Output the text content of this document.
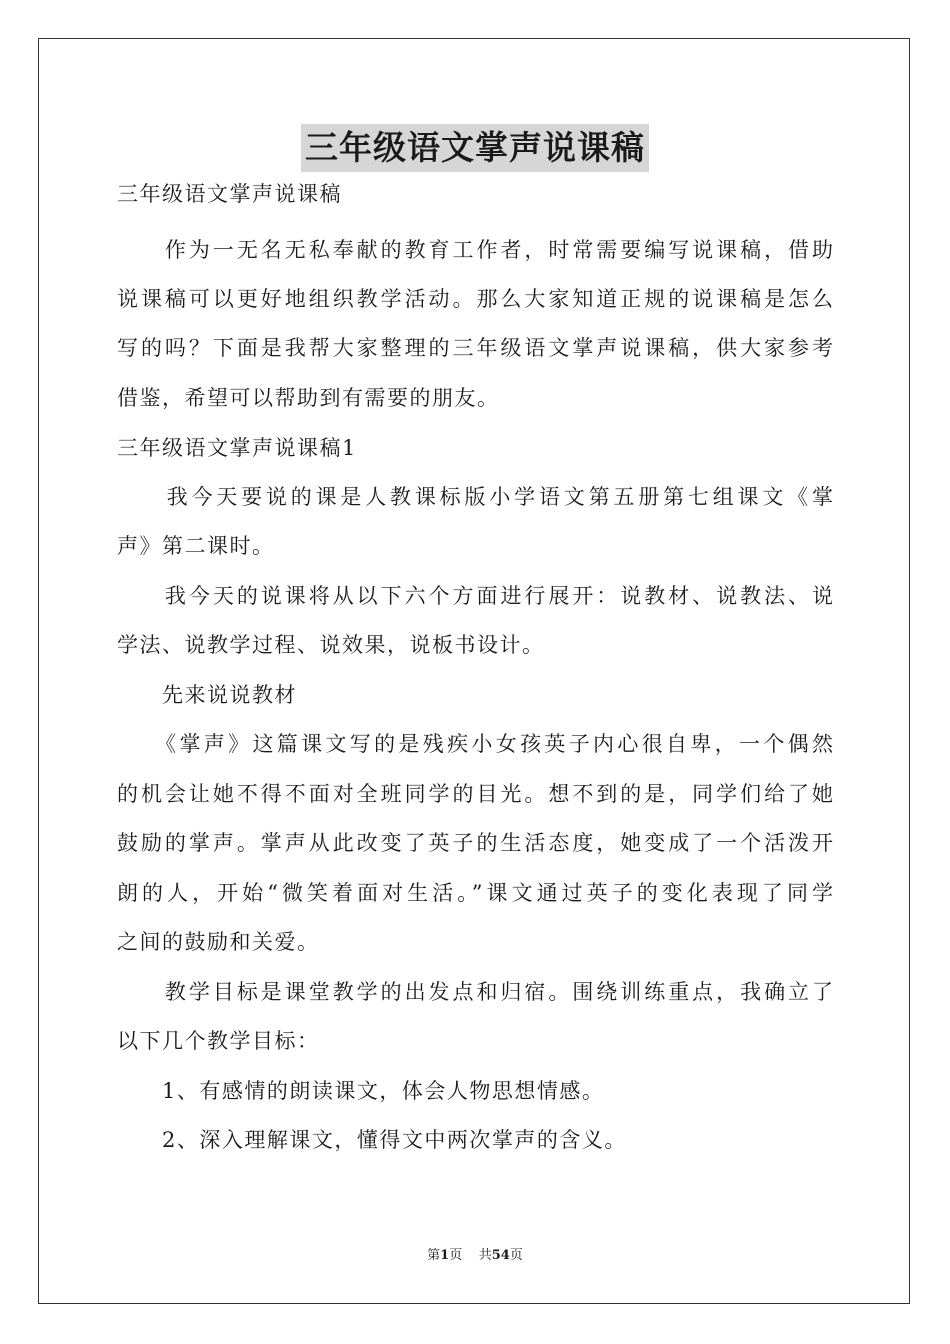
三年级语文掌声说课稿
三年级语文掌声说课稿
　　作为一无名无私奉献的教育工作者，时常需要编写说课稿，借助
说课稿可以更好地组织教学活动。那么大家知道正规的说课稿是怎么
写的吗？下面是我帮大家整理的三年级语文掌声说课稿，供大家参考
借鉴，希望可以帮助到有需要的朋友。
三年级语文掌声说课稿1
　　我今天要说的课是人教课标版小学语文第五册第七组课文《掌
声》第二课时。
　　我今天的说课将从以下六个方面进行展开：说教材、说教法、说
学法、说教学过程、说效果，说板书设计。
　　先来说说教材
　　《掌声》这篇课文写的是残疾小女孩英子内心很自卑，一个偶然
的机会让她不得不面对全班同学的目光。想不到的是，同学们给了她
鼓励的掌声。掌声从此改变了英子的生活态度，她变成了一个活泼开
朗的人，开始“微笑着面对生活。”课文通过英子的变化表现了同学
之间的鼓励和关爱。
　　教学目标是课堂教学的出发点和归宿。围绕训练重点，我确立了
以下几个教学目标：
　　1、有感情的朗读课文，体会人物思想情感。
　　2、深入理解课文，懂得文中两次掌声的含义。
第1页 共54页
